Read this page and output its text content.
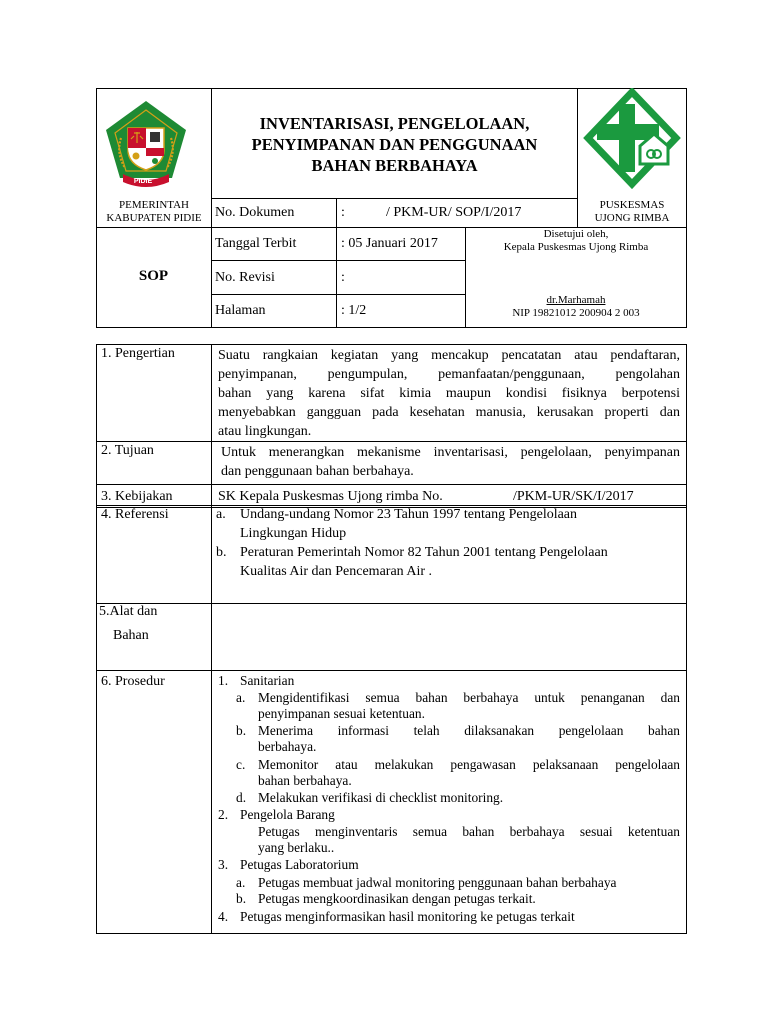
PIDIE
PEMERINTAH
KABUPATEN PIDIE
INVENTARISASI, PENGELOLAAN,
PENYIMPANAN DAN PENGGUNAAN
BAHAN BERBAHAYA
PUSKESMAS
UJONG RIMBA
No. Dokumen	:	/ PKM-UR/ SOP/I/2017
SOP
Tanggal Terbit	: 05 Januari 2017
No. Revisi	:
Halaman	: 1/2
Disetujui oleh,
Kepala Puskesmas Ujong Rimba
dr.Marhamah
NIP 19821012 200904 2 003
1. Pengertian	Suatu rangkaian kegiatan yang mencakup pencatatan atau pendaftaran,
penyimpanan, pengumpulan, pemanfaatan/penggunaan, pengolahan
bahan yang karena sifat kimia maupun kondisi fisiknya berpotensi
menyebabkan gangguan pada kesehatan manusia, kerusakan properti dan
atau lingkungan.
2. Tujuan	Untuk menerangkan mekanisme inventarisasi, pengelolaan, penyimpanan
dan penggunaan bahan berbahaya.
3. Kebijakan	SK Kepala Puskesmas Ujong rimba No.	/PKM-UR/SK/I/2017
4. Referensi	a. Undang-undang Nomor 23 Tahun 1997 tentang Pengelolaan
Lingkungan Hidup
b. Peraturan Pemerintah Nomor 82 Tahun 2001 tentang Pengelolaan
Kualitas Air dan Pencemaran Air .
5.Alat dan
Bahan
6. Prosedur	1. Sanitarian
a. Mengidentifikasi semua bahan berbahaya untuk penanganan dan
penyimpanan sesuai ketentuan.
b. Menerima informasi telah dilaksanakan pengelolaan bahan
berbahaya.
c. Memonitor atau melakukan pengawasan pelaksanaan pengelolaan
bahan berbahaya.
d. Melakukan verifikasi di checklist monitoring.
2. Pengelola Barang
Petugas menginventaris semua bahan berbahaya sesuai ketentuan
yang berlaku..
3. Petugas Laboratorium
a. Petugas membuat jadwal monitoring penggunaan bahan berbahaya
b. Petugas mengkoordinasikan dengan petugas terkait.
4. Petugas menginformasikan hasil monitoring ke petugas terkait
